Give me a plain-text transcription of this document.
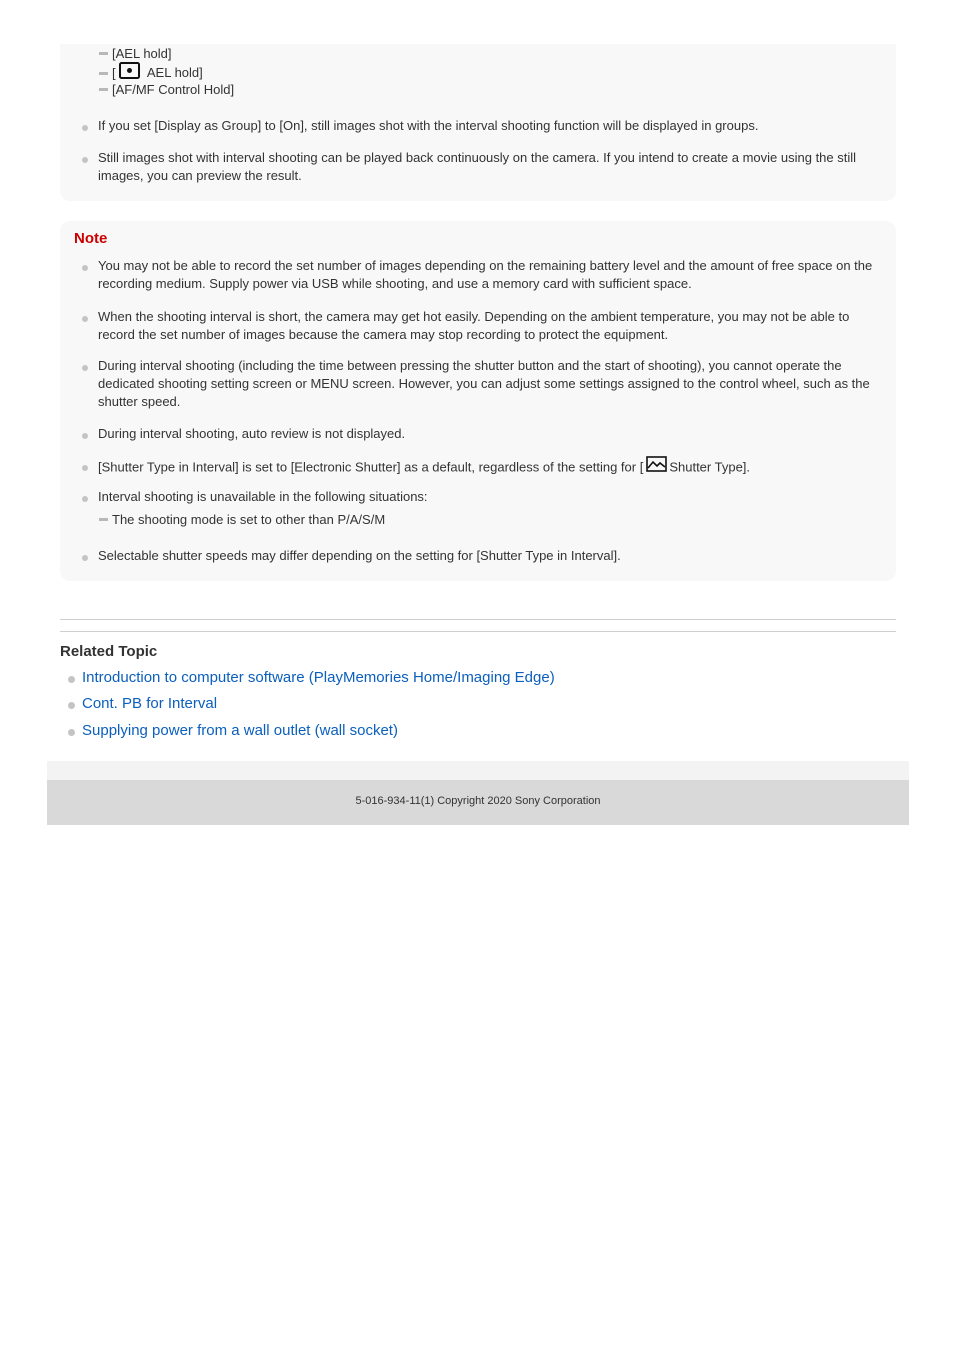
[AEL hold]
[ AEL hold]
[AF/MF Control Hold]
If you set [Display as Group] to [On], still images shot with the interval shooting function will be displayed in groups.
Still images shot with interval shooting can be played back continuously on the camera. If you intend to create a movie using the still images, you can preview the result.
Note
You may not be able to record the set number of images depending on the remaining battery level and the amount of free space on the recording medium. Supply power via USB while shooting, and use a memory card with sufficient space.
When the shooting interval is short, the camera may get hot easily. Depending on the ambient temperature, you may not be able to record the set number of images because the camera may stop recording to protect the equipment.
During interval shooting (including the time between pressing the shutter button and the start of shooting), you cannot operate the dedicated shooting setting screen or MENU screen. However, you can adjust some settings assigned to the control wheel, such as the shutter speed.
During interval shooting, auto review is not displayed.
[Shutter Type in Interval] is set to [Electronic Shutter] as a default, regardless of the setting for [ Shutter Type].
Interval shooting is unavailable in the following situations:
The shooting mode is set to other than P/A/S/M
Selectable shutter speeds may differ depending on the setting for [Shutter Type in Interval].
Related Topic
Introduction to computer software (PlayMemories Home/Imaging Edge)
Cont. PB for Interval
Supplying power from a wall outlet (wall socket)
5-016-934-11(1) Copyright 2020 Sony Corporation
